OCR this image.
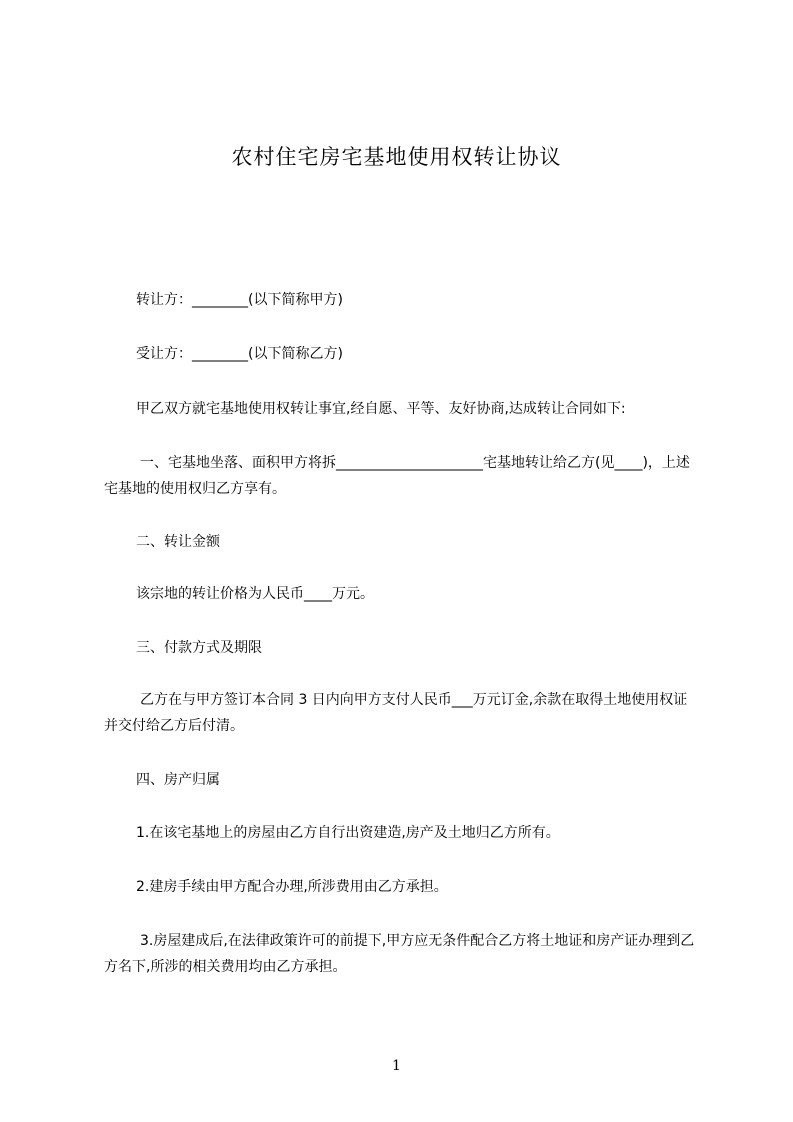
农村住宅房宅基地使用权转让协议

转让方：________(以下简称甲方)

受让方：________(以下简称乙方)

甲乙双方就宅基地使用权转让事宜,经自愿、平等、友好协商,达成转让合同如下:

一、宅基地坐落、面积甲方将拆_____________________宅基地转让给乙方(见____)，上述宅基地的使用权归乙方享有。

二、转让金额

该宗地的转让价格为人民币____万元。

三、付款方式及期限

乙方在与甲方签订本合同 3 日内向甲方支付人民币___万元订金,余款在取得土地使用权证并交付给乙方后付清。

四、房产归属

1.在该宅基地上的房屋由乙方自行出资建造,房产及土地归乙方所有。

2.建房手续由甲方配合办理,所涉费用由乙方承担。

3.房屋建成后,在法律政策许可的前提下,甲方应无条件配合乙方将土地证和房产证办理到乙方名下,所涉的相关费用均由乙方承担。

1
